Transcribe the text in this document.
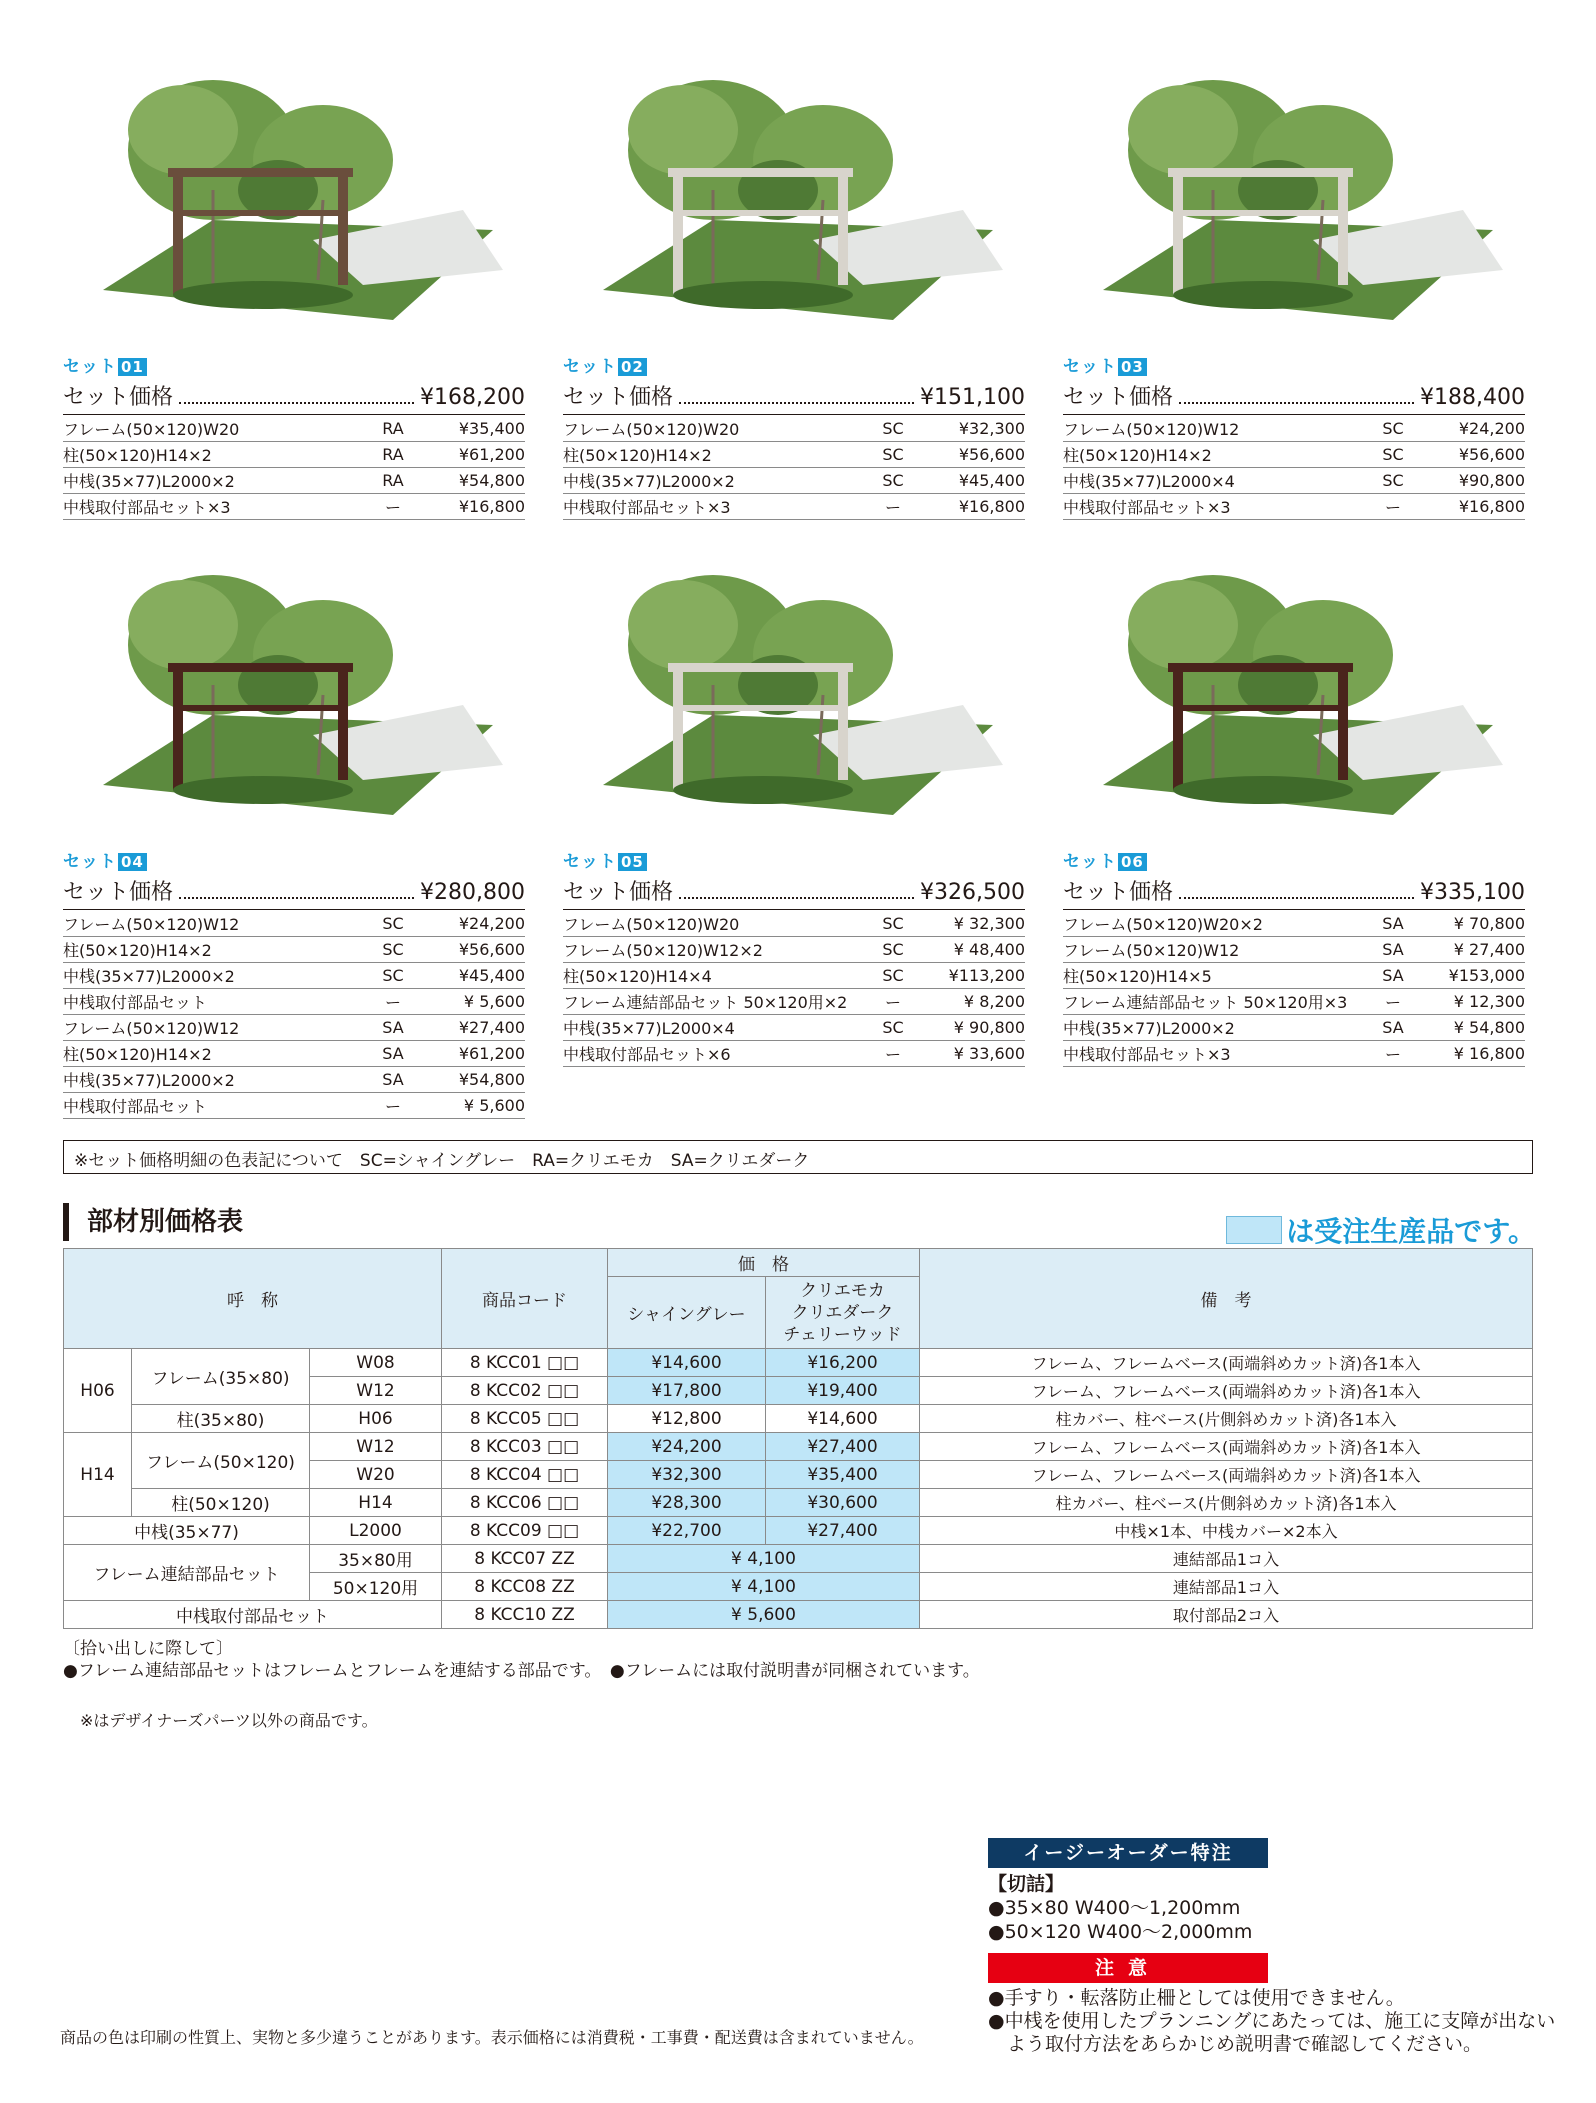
セット 01
セット価格	¥168,200
フレーム(50×120)W20	RA	¥35,400
柱(50×120)H14×2	RA	¥61,200
中桟(35×77)L2000×2	RA	¥54,800
中桟取付部品セット×3	ー	¥16,800
セット 02
セット価格	¥151,100
フレーム(50×120)W20	SC	¥32,300
柱(50×120)H14×2	SC	¥56,600
中桟(35×77)L2000×2	SC	¥45,400
中桟取付部品セット×3	ー	¥16,800
セット 03
セット価格	¥188,400
フレーム(50×120)W12	SC	¥24,200
柱(50×120)H14×2	SC	¥56,600
中桟(35×77)L2000×4	SC	¥90,800
中桟取付部品セット×3	ー	¥16,800
セット 04
セット価格	¥280,800
フレーム(50×120)W12	SC	¥24,200
柱(50×120)H14×2	SC	¥56,600
中桟(35×77)L2000×2	SC	¥45,400
中桟取付部品セット	ー	¥ 5,600
フレーム(50×120)W12	SA	¥27,400
柱(50×120)H14×2	SA	¥61,200
中桟(35×77)L2000×2	SA	¥54,800
中桟取付部品セット	ー	¥ 5,600
セット 05
セット価格	¥326,500
フレーム(50×120)W20	SC	¥ 32,300
フレーム(50×120)W12×2	SC	¥ 48,400
柱(50×120)H14×4	SC	¥113,200
フレーム連結部品セット 50×120用×2	ー	¥ 8,200
中桟(35×77)L2000×4	SC	¥ 90,800
中桟取付部品セット×6	ー	¥ 33,600
セット 06
セット価格	¥335,100
フレーム(50×120)W20×2	SA	¥ 70,800
フレーム(50×120)W12	SA	¥ 27,400
柱(50×120)H14×5	SA	¥153,000
フレーム連結部品セット 50×120用×3	ー	¥ 12,300
中桟(35×77)L2000×2	SA	¥ 54,800
中桟取付部品セット×3	ー	¥ 16,800
※セット価格明細の色表記について　SC=シャイングレー　RA=クリエモカ　SA=クリエダーク
部材別価格表	は受注生産品です。
呼　称			商品コード	価　格		備　考
				シャイングレー	クリエモカ
クリエダーク
チェリーウッド	

H06	フレーム(35×80)	W08	8 KCC01 □□	¥14,600	¥16,200	フレーム、フレームベース(両端斜めカット済)各1本入
		W12	8 KCC02 □□	¥17,800	¥19,400	フレーム、フレームベース(両端斜めカット済)各1本入
	柱(35×80)	H06	8 KCC05 □□	¥12,800	¥14,600	柱カバー、柱ベース(片側斜めカット済)各1本入
H14	フレーム(50×120)	W12	8 KCC03 □□	¥24,200	¥27,400	フレーム、フレームベース(両端斜めカット済)各1本入
		W20	8 KCC04 □□	¥32,300	¥35,400	フレーム、フレームベース(両端斜めカット済)各1本入
	柱(50×120)	H14	8 KCC06 □□	¥28,300	¥30,600	柱カバー、柱ベース(片側斜めカット済)各1本入
中桟(35×77)		L2000	8 KCC09 □□	¥22,700	¥27,400	中桟×1本、中桟カバー×2本入
フレーム連結部品セット		35×80用	8 KCC07 ZZ	¥ 4,100		連結部品1コ入
		50×120用	8 KCC08 ZZ	¥ 4,100		連結部品1コ入
中桟取付部品セット			8 KCC10 ZZ	¥ 5,600		取付部品2コ入
〔拾い出しに際して〕
●フレーム連結部品セットはフレームとフレームを連結する部品です。　●フレームには取付説明書が同梱されています。
※はデザイナーズパーツ以外の商品です。
イージーオーダー特注
【切詰】
●35×80 W400〜1,200mm
●50×120 W400〜2,000mm
注意
●手すり・転落防止柵としては使用できません。
●中桟を使用したプランニングにあたっては、施工に支障が出ない
　よう取付方法をあらかじめ説明書で確認してください。
商品の色は印刷の性質上、実物と多少違うことがあります。表示価格には消費税・工事費・配送費は含まれていません。
